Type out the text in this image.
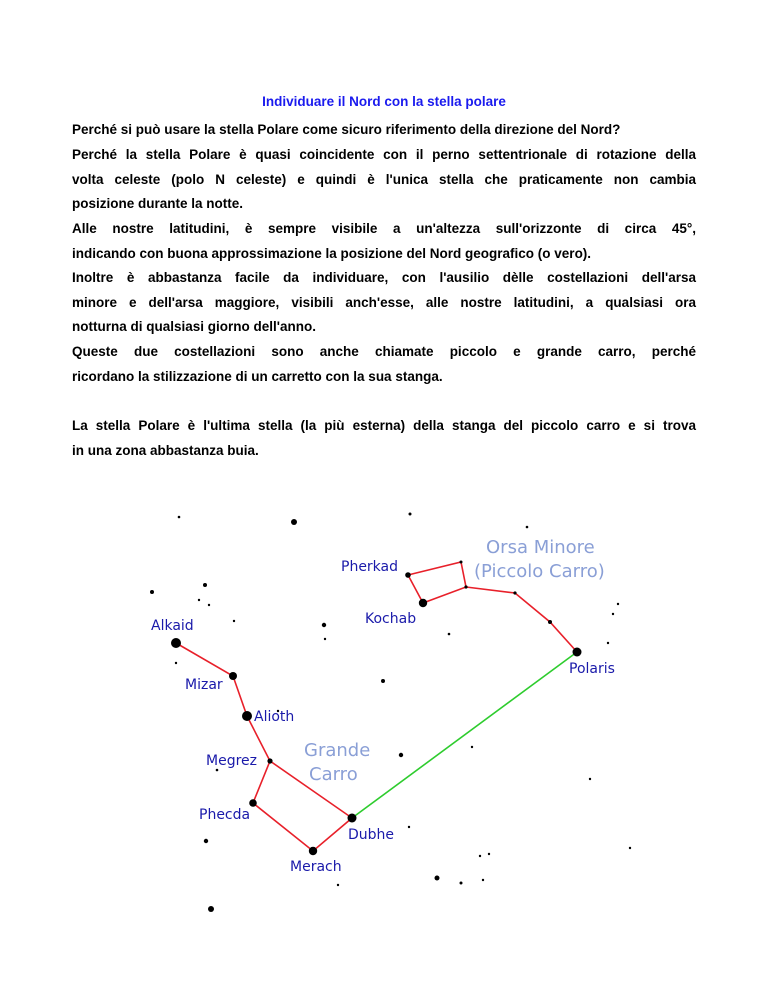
Individuare il Nord con la stella polare
Perché si può usare la stella Polare come sicuro riferimento della direzione del Nord?
Perché la stella Polare è quasi coincidente con il perno settentrionale di rotazione della
volta celeste (polo N celeste) e quindi è l'unica stella che praticamente non cambia
posizione durante la notte.
Alle nostre latitudini, è sempre visibile a un'altezza sull'orizzonte di circa 45°,
indicando con buona approssimazione la posizione del Nord geografico (o vero).
Inoltre è abbastanza facile da individuare, con l'ausilio dèlle costellazioni dell'arsa
minore e dell'arsa maggiore, visibili anch'esse, alle nostre latitudini, a qualsiasi ora
notturna di qualsiasi giorno dell'anno.
Queste due costellazioni sono anche chiamate piccolo e grande carro, perché
ricordano la stilizzazione di un carretto con la sua stanga.
La stella Polare è l'ultima stella (la più esterna) della stanga del piccolo carro e si trova
in una zona abbastanza buia.
Pherkad
Kochab
Polaris
Alkaid
Mizar
Alioth
Megrez
Phecda
Dubhe
Merach
Orsa Minore
(Piccolo Carro)
Grande
Carro
